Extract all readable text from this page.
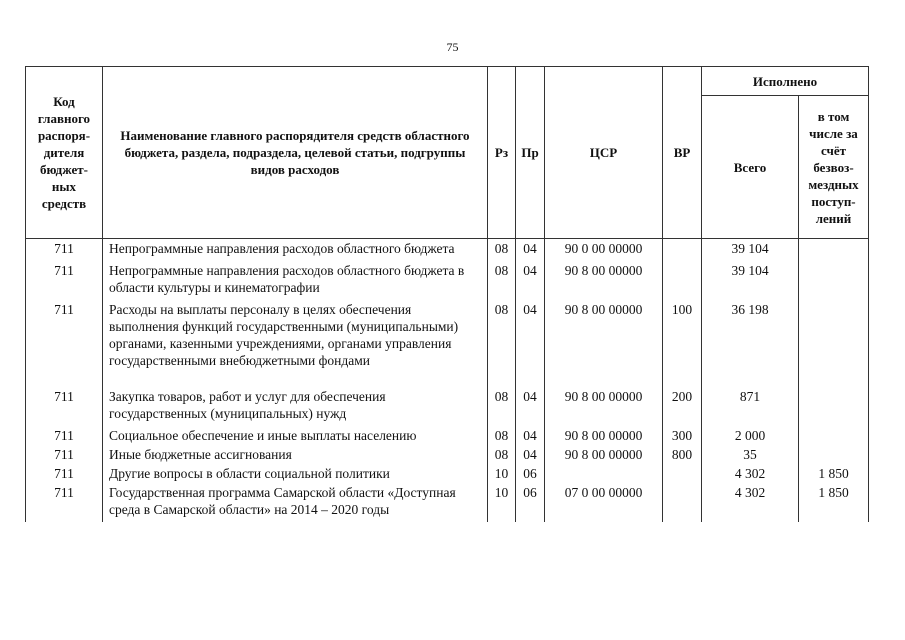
75
Код главного распоря-дителя бюджет-ных средств	Наименование главного распорядителя средств областного бюджета, раздела, подраздела, целевой статьи, подгруппы видов расходов	Рз	Пр	ЦСР	ВР	Исполнено	
						Всего	в том числе за счёт безвоз-мездных поступ-лений
711	Непрограммные направления расходов областного бюджета	08	04	90 0 00 00000		39 104	
711	Непрограммные направления расходов областного бюджета в области культуры и кинематографии	08	04	90 8 00 00000		39 104	
711	Расходы на выплаты персоналу в целях обеспечения выполнения функций государственными (муниципальными) органами, казенными учреждениями, органами управления государственными внебюджетными фондами	08	04	90 8 00 00000	100	36 198	
711	Закупка товаров, работ и услуг для обеспечения государственных (муниципальных) нужд	08	04	90 8 00 00000	200	871	
711	Социальное обеспечение и иные выплаты населению	08	04	90 8 00 00000	300	2 000	
711	Иные бюджетные ассигнования	08	04	90 8 00 00000	800	35	
711	Другие вопросы в области социальной политики	10	06			4 302	1 850
711	Государственная программа Самарской области «Доступная среда в Самарской области» на 2014 – 2020 годы	10	06	07 0 00 00000		4 302	1 850
